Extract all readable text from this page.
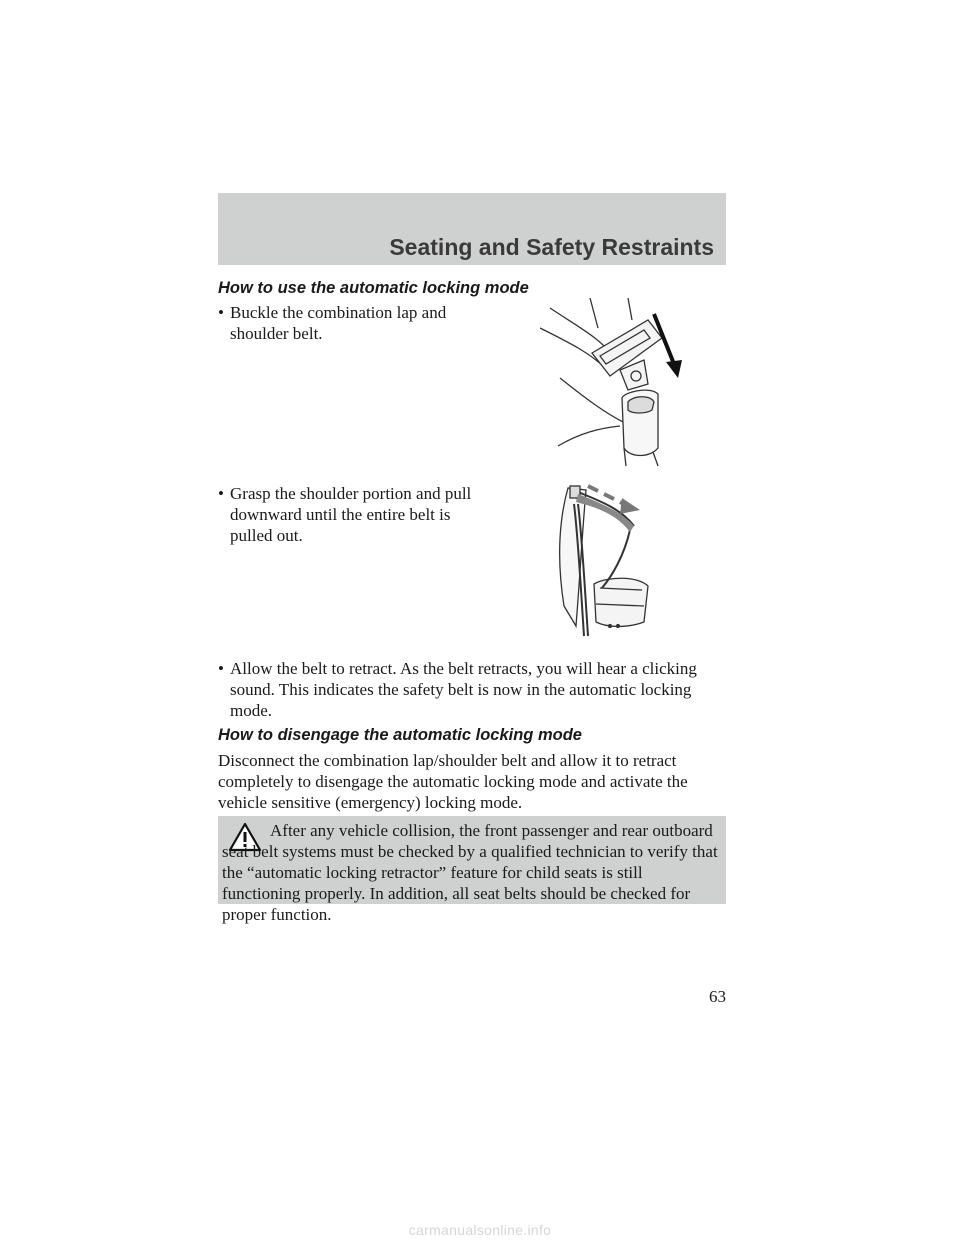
Seating and Safety Restraints
How to use the automatic locking mode
• Buckle the combination lap and shoulder belt.
• Grasp the shoulder portion and pull downward until the entire belt is pulled out.
• Allow the belt to retract. As the belt retracts, you will hear a clicking sound. This indicates the safety belt is now in the automatic locking mode.
How to disengage the automatic locking mode
Disconnect the combination lap/shoulder belt and allow it to retract completely to disengage the automatic locking mode and activate the vehicle sensitive (emergency) locking mode.
After any vehicle collision, the front passenger and rear outboard seat belt systems must be checked by a qualified technician to verify that the “automatic locking retractor” feature for child seats is still functioning properly. In addition, all seat belts should be checked for proper function.
63
carmanualsonline.info
